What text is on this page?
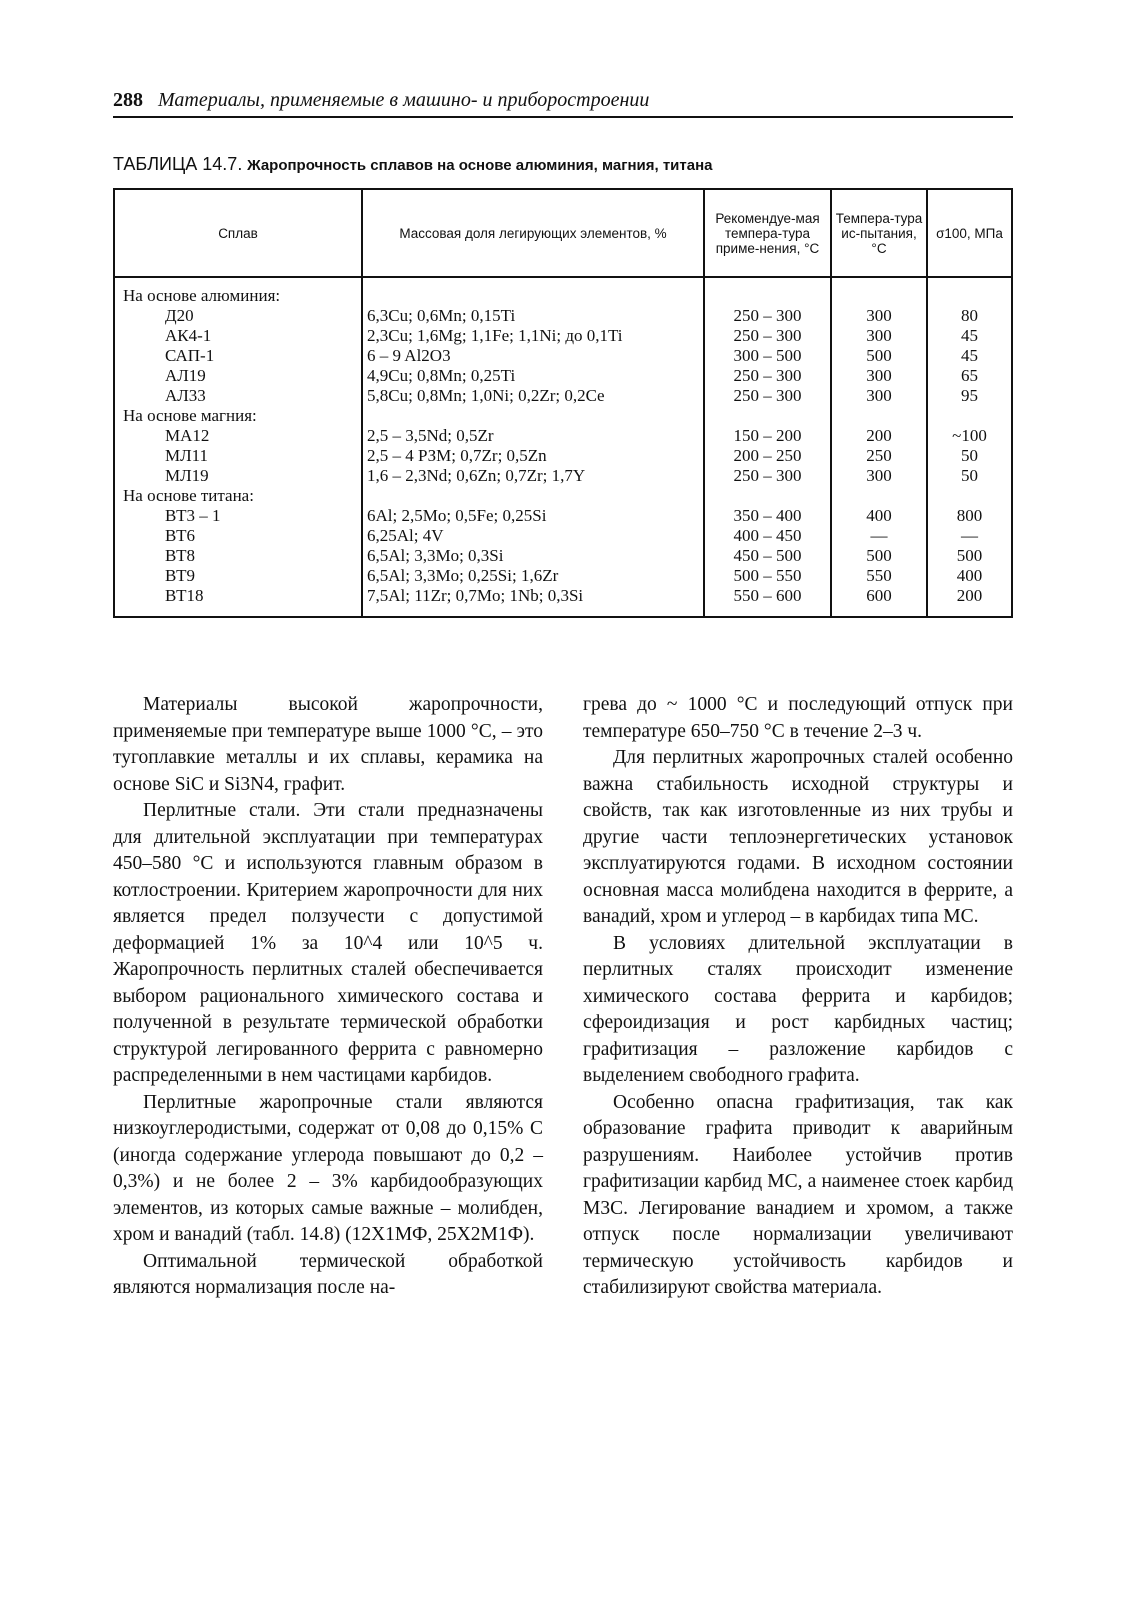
288 Материалы, применяемые в машино- и приборостроении
ТАБЛИЦА 14.7. Жаропрочность сплавов на основе алюминия, магния, титана
Сплав	Массовая доля легирующих элементов, %	Рекомендуе-мая темпера-тура приме-нения, °С	Темпера-тура ис-пытания, °С	σ100, МПа
На основе алюминия:				
Д20	6,3Cu; 0,6Mn; 0,15Ti	250 – 300	300	80
АК4-1	2,3Cu; 1,6Mg; 1,1Fe; 1,1Ni; до 0,1Ti	250 – 300	300	45
САП-1	6 – 9 Al2O3	300 – 500	500	45
АЛ19	4,9Cu; 0,8Mn; 0,25Ti	250 – 300	300	65
АЛ33	5,8Cu; 0,8Mn; 1,0Ni; 0,2Zr; 0,2Ce	250 – 300	300	95
На основе магния:				
МА12	2,5 – 3,5Nd; 0,5Zr	150 – 200	200	~100
МЛ11	2,5 – 4 РЗМ; 0,7Zr; 0,5Zn	200 – 250	250	50
МЛ19	1,6 – 2,3Nd; 0,6Zn; 0,7Zr; 1,7Y	250 – 300	300	50
На основе титана:				
ВТ3 – 1	6Al; 2,5Mo; 0,5Fe; 0,25Si	350 – 400	400	800
ВТ6	6,25Al; 4V	400 – 450	—	—
ВТ8	6,5Al; 3,3Mo; 0,3Si	450 – 500	500	500
ВТ9	6,5Al; 3,3Mo; 0,25Si; 1,6Zr	500 – 550	550	400
ВТ18	7,5Al; 11Zr; 0,7Mo; 1Nb; 0,3Si	550 – 600	600	200

Материалы высокой жаропрочности, применяемые при температуре выше 1000 °С, – это тугоплавкие металлы и их сплавы, керамика на основе SiC и Si3N4, графит.

Перлитные стали. Эти стали предназначены для длительной эксплуатации при температурах 450–580 °С и используются главным образом в котлостроении. Критерием жаропрочности для них является предел ползучести с допустимой деформацией 1% за 10^4 или 10^5 ч. Жаропрочность перлитных сталей обеспечивается выбором рационального химического состава и полученной в результате термической обработки структурой легированного феррита с равномерно распределенными в нем частицами карбидов.

Перлитные жаропрочные стали являются низкоуглеродистыми, содержат от 0,08 до 0,15% С (иногда содержание углерода повышают до 0,2 – 0,3%) и не более 2 – 3% карбидообразующих элементов, из которых самые важные – молибден, хром и ванадий (табл. 14.8) (12Х1МФ, 25Х2М1Ф).

Оптимальной термической обработкой являются нормализация после на-

грева до ~ 1000 °С и последующий отпуск при температуре 650–750 °С в течение 2–3 ч.

Для перлитных жаропрочных сталей особенно важна стабильность исходной структуры и свойств, так как изготовленные из них трубы и другие части теплоэнергетических установок эксплуатируются годами. В исходном состоянии основная масса молибдена находится в феррите, а ванадий, хром и углерод – в карбидах типа МС.

В условиях длительной эксплуатации в перлитных сталях происходит изменение химического состава феррита и карбидов; сфероидизация и рост карбидных частиц; графитизация – разложение карбидов с выделением свободного графита.

Особенно опасна графитизация, так как образование графита приводит к аварийным разрушениям. Наиболее устойчив против графитизации карбид МС, а наименее стоек карбид М3С. Легирование ванадием и хромом, а также отпуск после нормализации увеличивают термическую устойчивость карбидов и стабилизируют свойства материала.
